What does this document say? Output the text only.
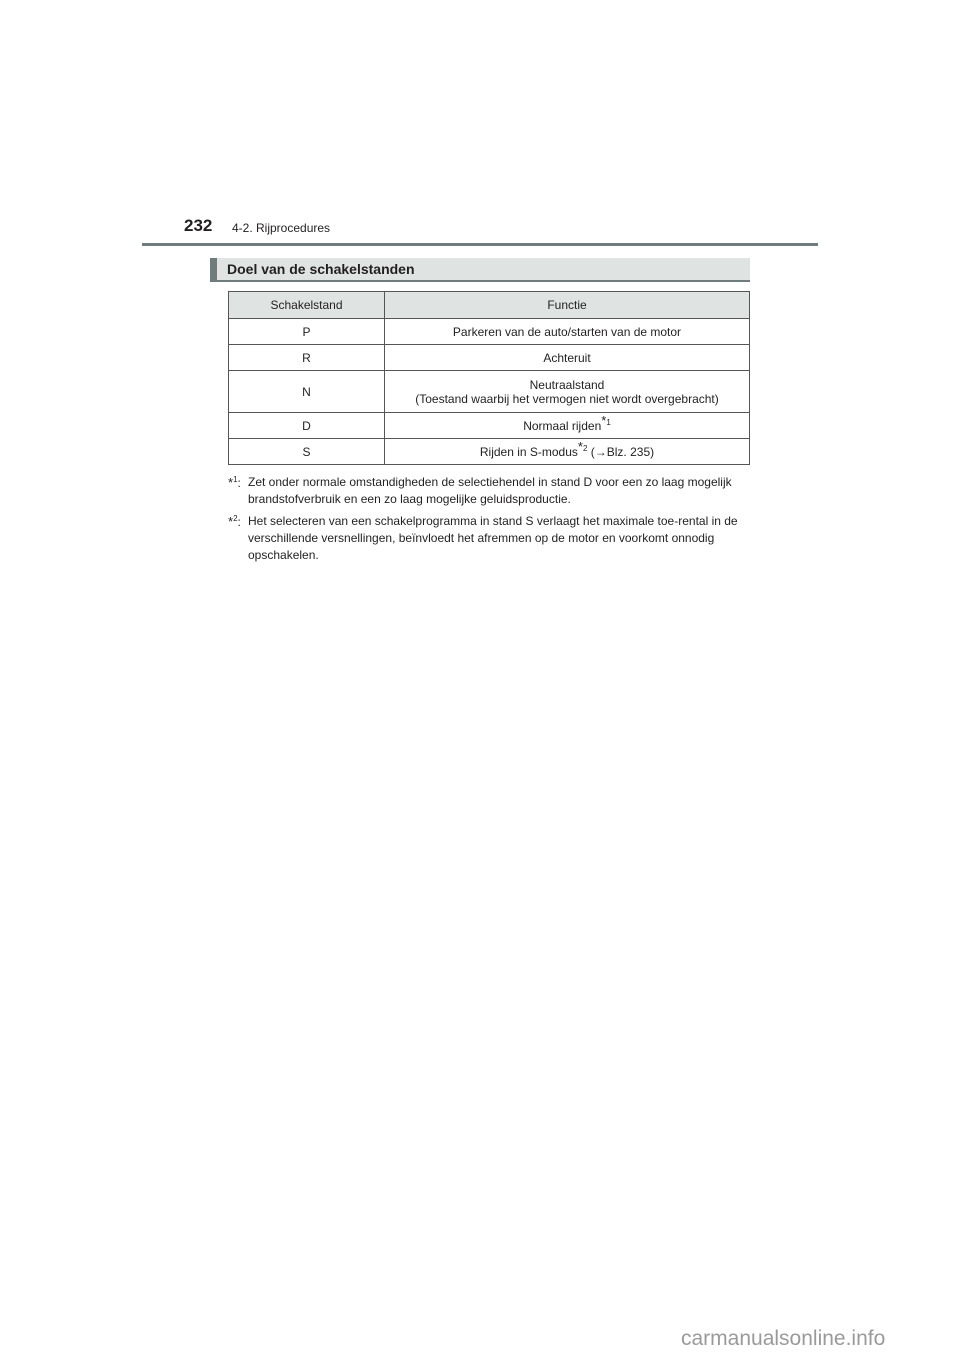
232 4-2. Rijprocedures
Doel van de schakelstanden
Schakelstand	Functie
P	Parkeren van de auto/starten van de motor
R	Achteruit
N	Neutraalstand
(Toestand waarbij het vermogen niet wordt overgebracht)
D	Normaal rijden$^{*1}$
S	Rijden in S-modus$^{*2}$ (→Blz. 235)
*$^1$: Zet onder normale omstandigheden de selectiehendel in stand D voor een zo laag mogelijk brandstofverbruik en een zo laag mogelijke geluidsproductie.
*$^2$: Het selecteren van een schakelprogramma in stand S verlaagt het maximale toe-rental in de verschillende versnellingen, beïnvloedt het afremmen op de motor en voorkomt onnodig opschakelen.
carmanualsonline.info
